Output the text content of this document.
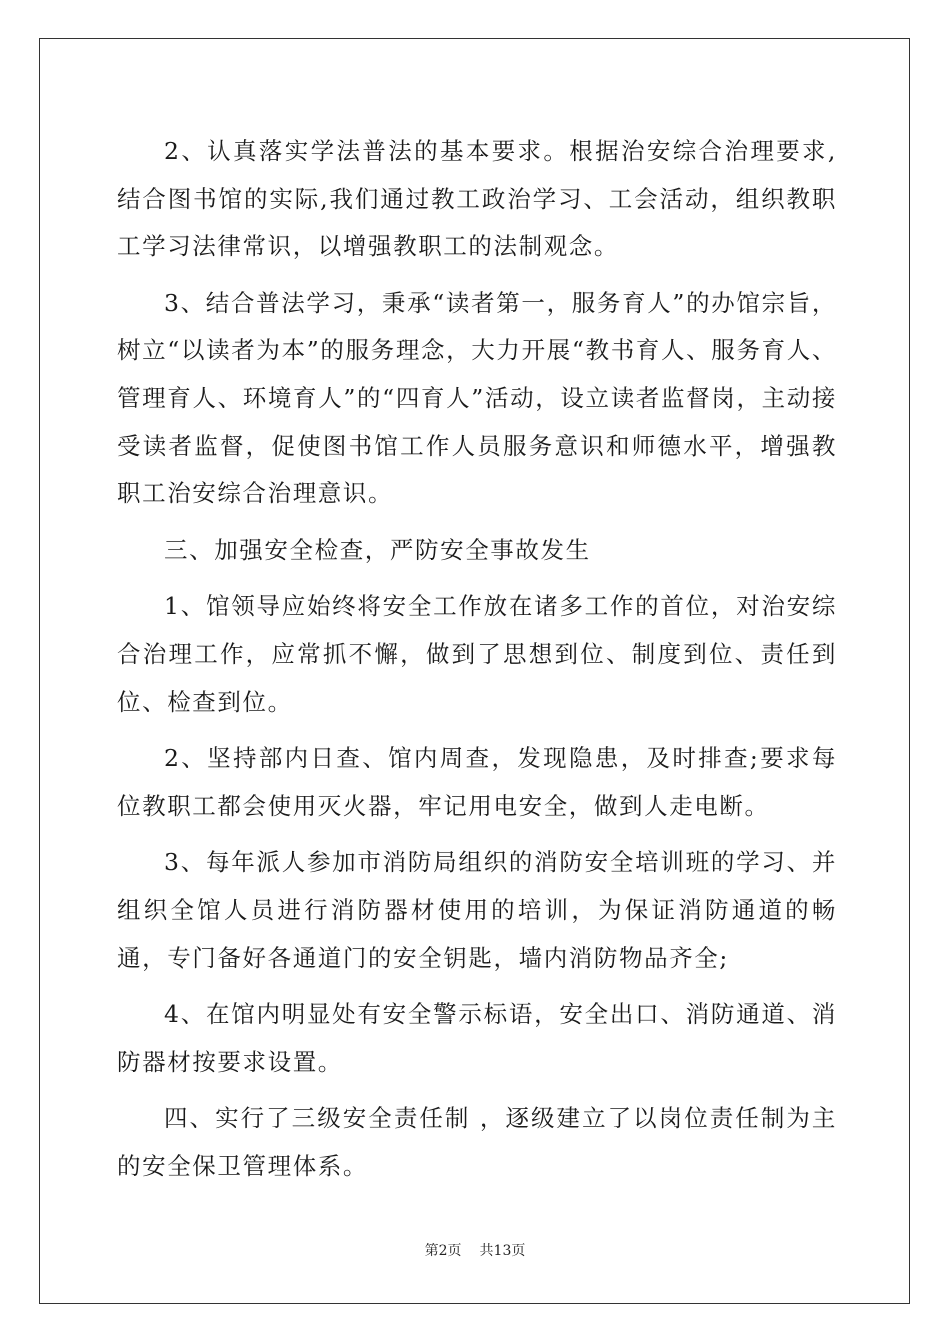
2、认真落实学法普法的基本要求。根据治安综合治理要求,结合图书馆的实际,我们通过教工政治学习、工会活动，组织教职工学习法律常识，以增强教职工的法制观念。

3、结合普法学习，秉承“读者第一，服务育人”的办馆宗旨，树立“以读者为本”的服务理念，大力开展“教书育人、服务育人、管理育人、环境育人”的“四育人”活动，设立读者监督岗，主动接受读者监督，促使图书馆工作人员服务意识和师德水平，增强教职工治安综合治理意识。

三、加强安全检查，严防安全事故发生

1、馆领导应始终将安全工作放在诸多工作的首位，对治安综合治理工作，应常抓不懈，做到了思想到位、制度到位、责任到位、检查到位。

2、坚持部内日查、馆内周查，发现隐患，及时排查;要求每位教职工都会使用灭火器，牢记用电安全，做到人走电断。

3、每年派人参加市消防局组织的消防安全培训班的学习、并组织全馆人员进行消防器材使用的培训，为保证消防通道的畅通，专门备好各通道门的安全钥匙，墙内消防物品齐全;

4、在馆内明显处有安全警示标语，安全出口、消防通道、消防器材按要求设置。

四、实行了三级安全责任制 ，逐级建立了以岗位责任制为主的安全保卫管理体系。

第2页 共13页
